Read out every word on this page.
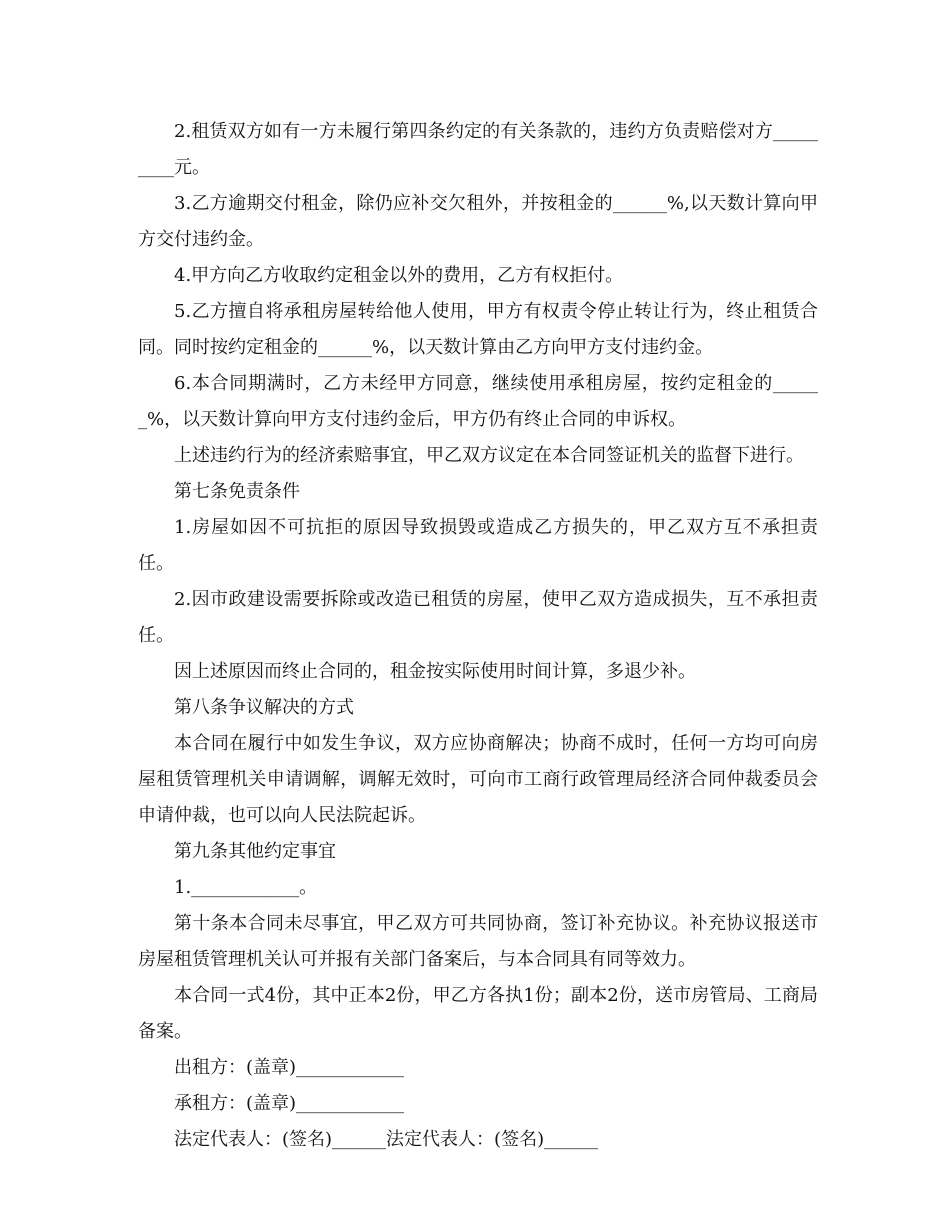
2.租赁双方如有一方未履行第四条约定的有关条款的，违约方负责赔偿对方_________元。

3.乙方逾期交付租金，除仍应补交欠租外，并按租金的______%,以天数计算向甲方交付违约金。

4.甲方向乙方收取约定租金以外的费用，乙方有权拒付。

5.乙方擅自将承租房屋转给他人使用，甲方有权责令停止转让行为，终止租赁合同。同时按约定租金的______%，以天数计算由乙方向甲方支付违约金。

6.本合同期满时，乙方未经甲方同意，继续使用承租房屋，按约定租金的______%，以天数计算向甲方支付违约金后，甲方仍有终止合同的申诉权。

上述违约行为的经济索赔事宜，甲乙双方议定在本合同签证机关的监督下进行。

第七条免责条件

1.房屋如因不可抗拒的原因导致损毁或造成乙方损失的，甲乙双方互不承担责任。

2.因市政建设需要拆除或改造已租赁的房屋，使甲乙双方造成损失，互不承担责任。

因上述原因而终止合同的，租金按实际使用时间计算，多退少补。

第八条争议解决的方式

本合同在履行中如发生争议，双方应协商解决；协商不成时，任何一方均可向房屋租赁管理机关申请调解，调解无效时，可向市工商行政管理局经济合同仲裁委员会申请仲裁，也可以向人民法院起诉。

第九条其他约定事宜

1.____________。

第十条本合同未尽事宜，甲乙双方可共同协商，签订补充协议。补充协议报送市房屋租赁管理机关认可并报有关部门备案后，与本合同具有同等效力。

本合同一式4份，其中正本2份，甲乙方各执1份；副本2份，送市房管局、工商局备案。

出租方：(盖章)____________

承租方：(盖章)____________

法定代表人：(签名)______法定代表人：(签名)______
